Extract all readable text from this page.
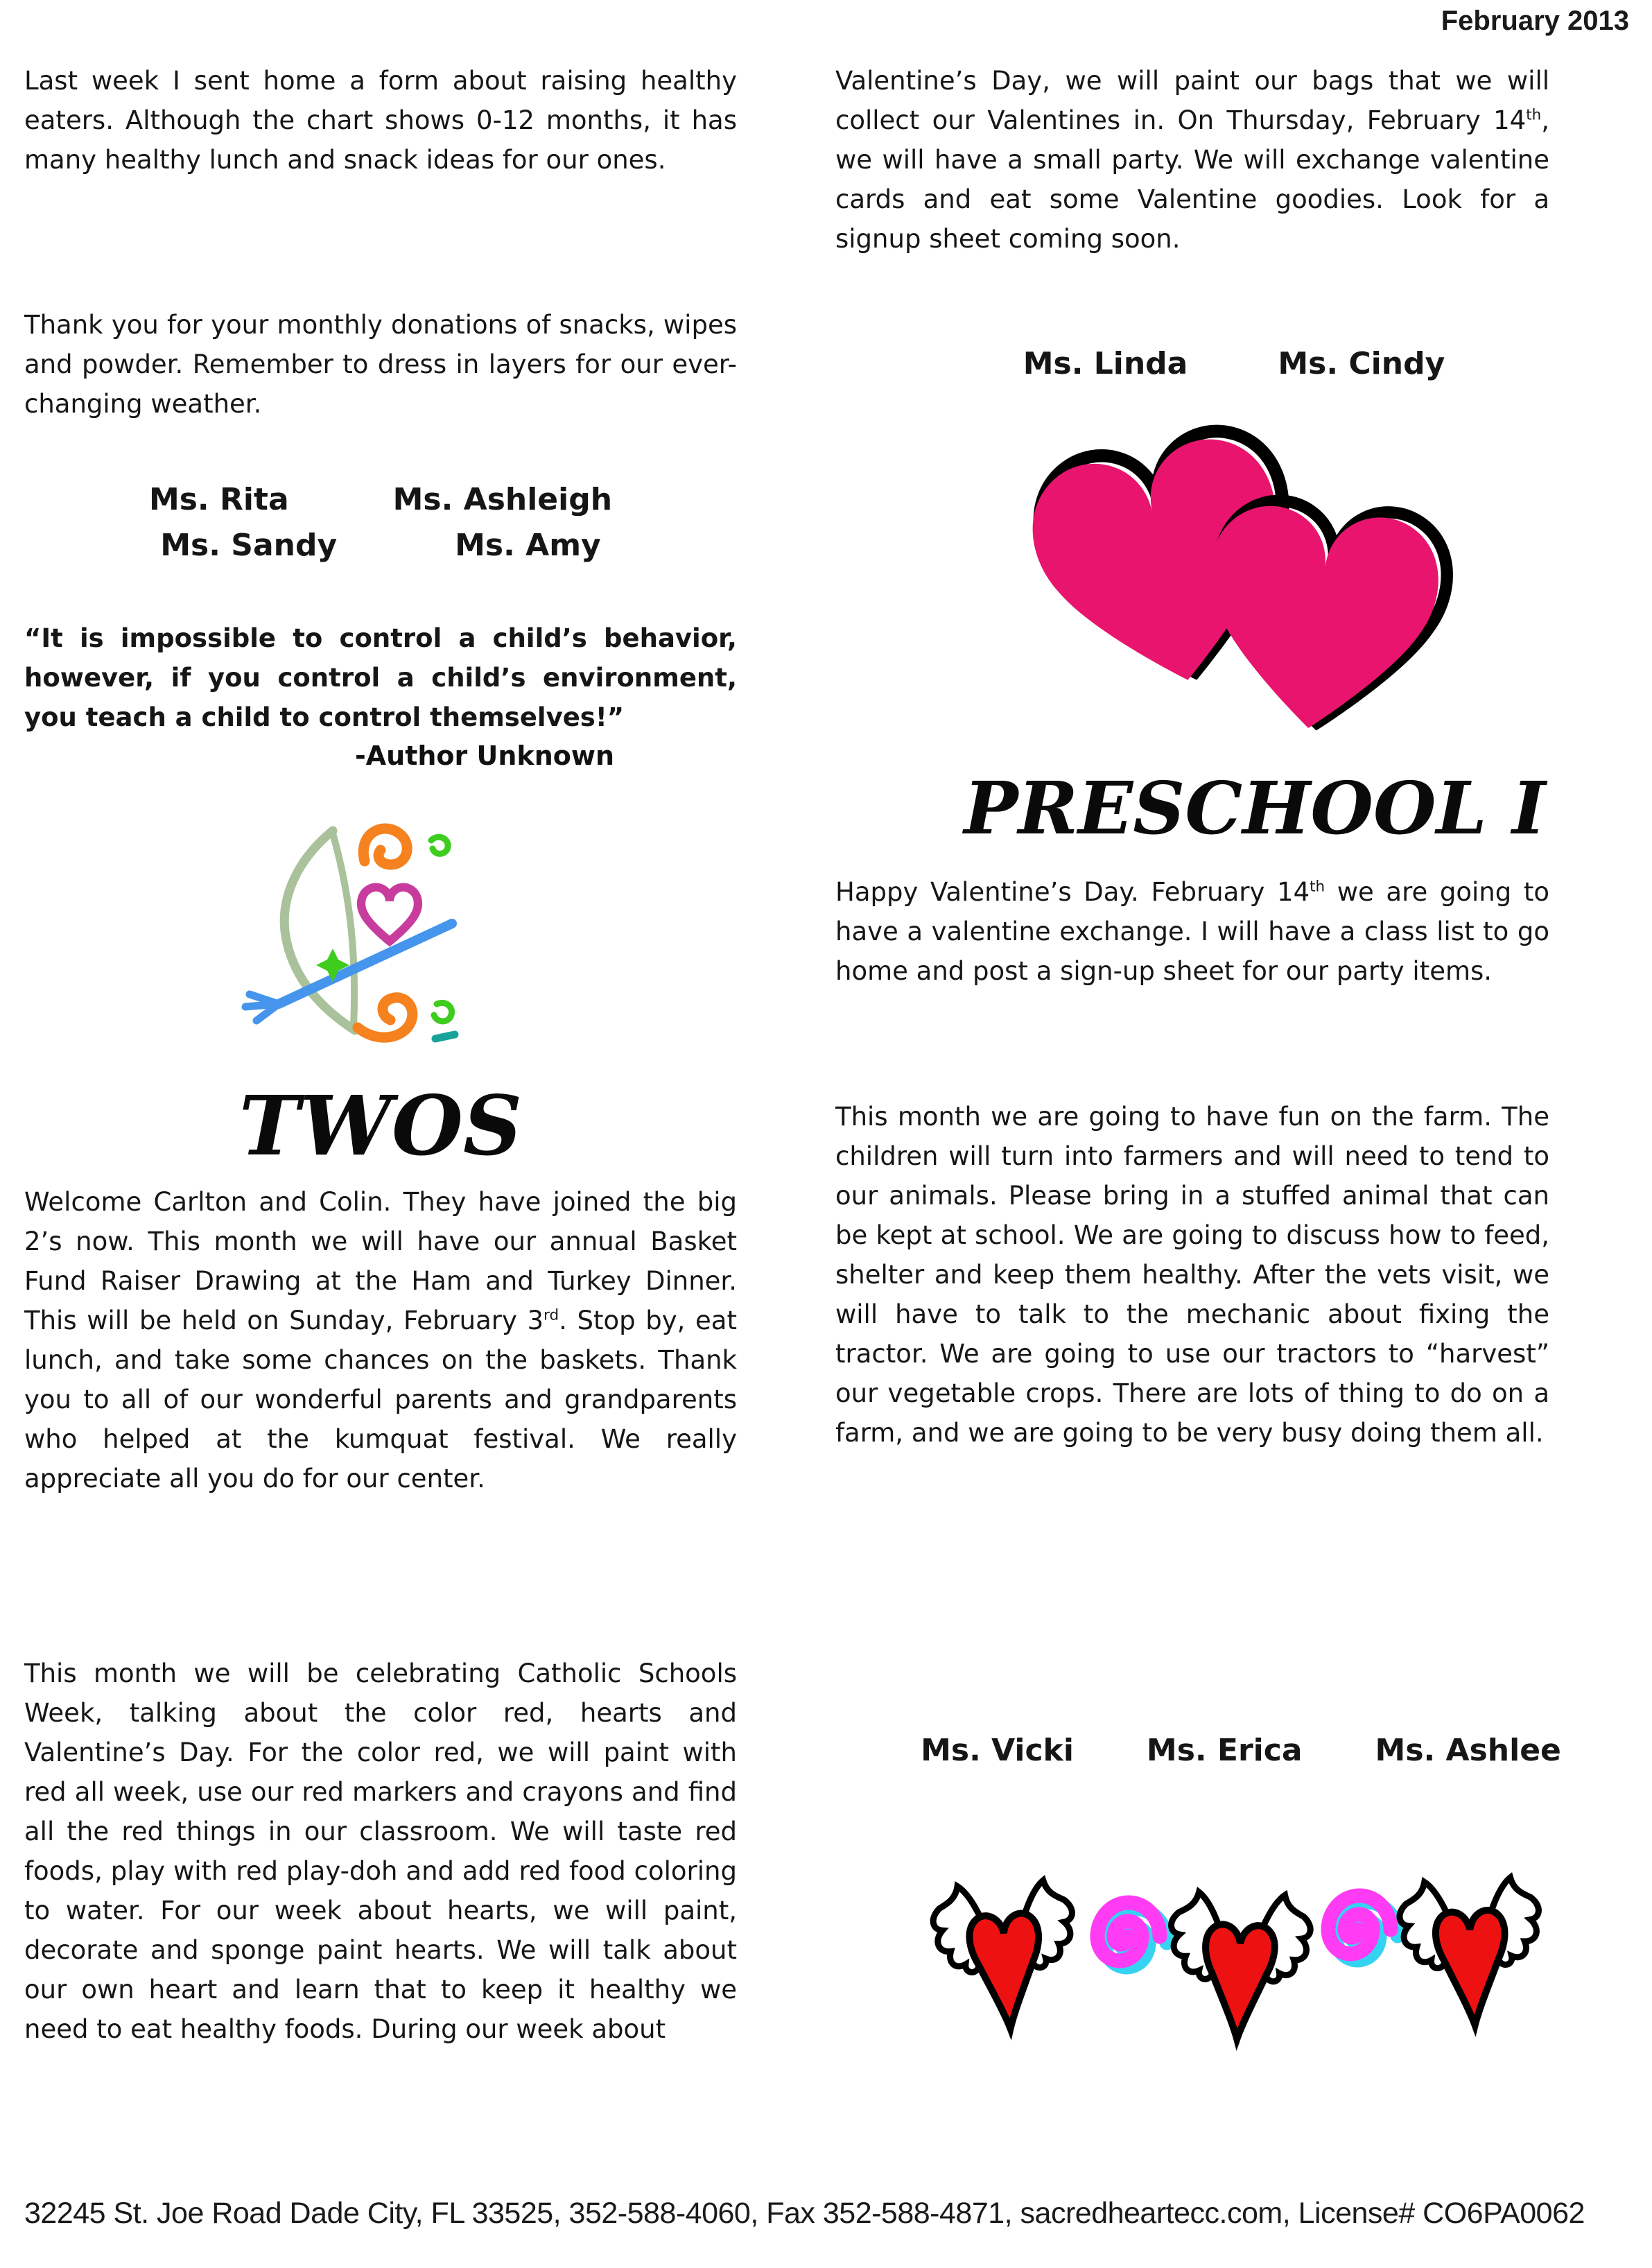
February 2013
Last week I sent home a form about raising healthy eaters. Although the chart shows 0-12 months, it has many healthy lunch and snack ideas for our ones.
Thank you for your monthly donations of snacks, wipes and powder. Remember to dress in layers for our ever-changing weather.
Ms. Rita	Ms. Ashleigh
Ms. Sandy	Ms. Amy
“It is impossible to control a child’s behavior, however, if you control a child’s environment, you teach a child to control themselves!”
-Author Unknown
TWOS
Welcome Carlton and Colin. They have joined the big 2’s now. This month we will have our annual Basket Fund Raiser Drawing at the Ham and Turkey Dinner. This will be held on Sunday, February 3rd. Stop by, eat lunch, and take some chances on the baskets. Thank you to all of our wonderful parents and grandparents who helped at the kumquat festival. We really appreciate all you do for our center.
This month we will be celebrating Catholic Schools Week, talking about the color red, hearts and Valentine’s Day. For the color red, we will paint with red all week, use our red markers and crayons and find all the red things in our classroom. We will taste red foods, play with red play-doh and add red food coloring to water. For our week about hearts, we will paint, decorate and sponge paint hearts. We will talk about our own heart and learn that to keep it healthy we need to eat healthy foods. During our week about
Valentine’s Day, we will paint our bags that we will collect our Valentines in. On Thursday, February 14th, we will have a small party. We will exchange valentine cards and eat some Valentine goodies. Look for a signup sheet coming soon.
Ms. Linda	Ms. Cindy
PRESCHOOL I
Happy Valentine’s Day. February 14th we are going to have a valentine exchange. I will have a class list to go home and post a sign-up sheet for our party items.
This month we are going to have fun on the farm. The children will turn into farmers and will need to tend to our animals. Please bring in a stuffed animal that can be kept at school. We are going to discuss how to feed, shelter and keep them healthy. After the vets visit, we will have to talk to the mechanic about fixing the tractor. We are going to use our tractors to “harvest” our vegetable crops. There are lots of thing to do on a farm, and we are going to be very busy doing them all.
Ms. Vicki Ms. Erica Ms. Ashlee
32245 St. Joe Road Dade City, FL 33525, 352-588-4060, Fax 352-588-4871, sacredheartecc.com, License# CO6PA0062
